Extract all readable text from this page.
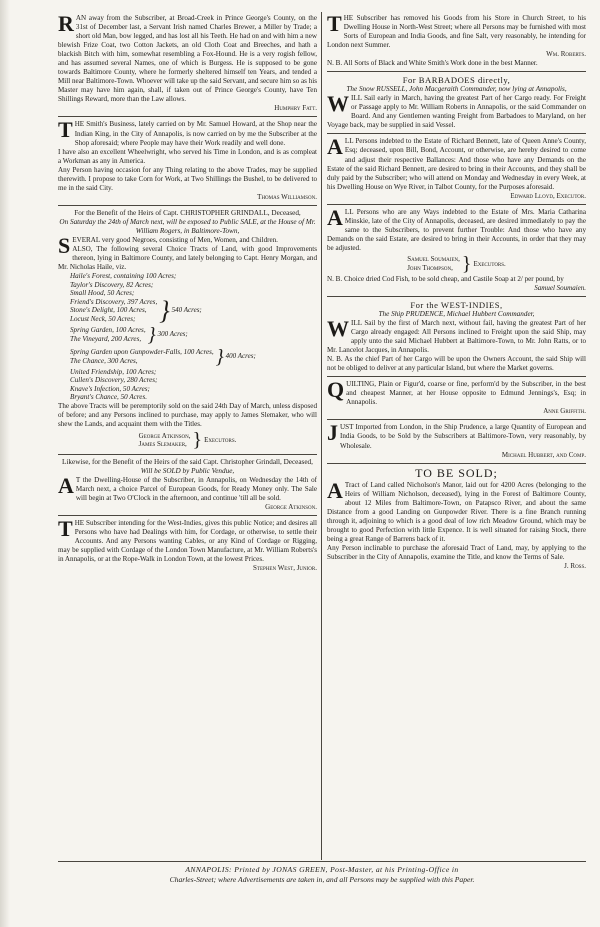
R AN away from the Subscriber, at Broad-Creek in Prince George's County, on the 31st of December last, a Servant Irish named Charles Brewer, a Miller by Trade; a short old Man, bow legged, and has lost all his Teeth. He had on and with him a new blewish Frize Coat, two Cotton Jackets, an old Cloth Coat and Breeches, and hath a blackish Bitch with him, somewhat resembling a Fox-Hound. He is a very rogish fellow, and has assumed several Names, one of which is Burgess. He is supposed to be gone towards Baltimore County, where he formerly sheltered himself ten Years, and tended a Mill near Baltimore-Town. Whoever will take up the said Servant, and secure him so as his Master may have him again, shall, if taken out of Prince George's County, have Ten Shillings Reward, more than the Law allows.

Humphry Fatt.

T HE Smith's Business, lately carried on by Mr. Samuel Howard, at the Shop near the Indian King, in the City of Annapolis, is now carried on by me the Subscriber at the Shop aforesaid; where People may have their Work readily and well done.

I have also an excellent Wheelwright, who served his Time in London, and is as compleat a Workman as any in America.

Any Person having occasion for any Thing relating to the above Trades, may be supplied therewith. I propose to take Corn for Work, at Two Shillings the Bushel, to be delivered to me in the said City.

Thomas Williamson.

For the Benefit of the Heirs of Capt. CHRISTOPHER GRINDALL, Deceased,

On Saturday the 24th of March next, will be exposed to Public SALE, at the House of Mr. William Rogers, in Baltimore-Town,

S EVERAL very good Negroes, consisting of Men, Women, and Children.

ALSO, The following several Choice Tracts of Land, with good Improvements thereon, lying in Baltimore County, and lately belonging to Capt. Henry Morgan, and Mr. Nicholas Haile, viz.

Haile's Forest, containing 100 Acres;
Taylor's Discovery, 82 Acres;
Small Hood, 50 Acres;
Friend's Discovery, 397 Acres,
Stone's Delight, 100 Acres,
Locust Neck, 50 Acres; } 540 Acres;
Spring Garden, 100 Acres,
The Vineyard, 200 Acres, } 300 Acres;
Spring Garden upon Gunpowder-Falls, 100 Acres,
The Chance, 300 Acres,	} 400 Acres;
United Friendship, 100 Acres;
Cullen's Discovery, 280 Acres;
Knave's Infection, 50 Acres;
Bryant's Chance, 50 Acres.

The above Tracts will be peremptorily sold on the said 24th Day of March, unless disposed of before; and any Persons inclined to purchase, may apply to James Slemaker, who will shew the Lands, and acquaint them with the Titles.

George Atkinson,
James Slemaker, } Executors.

Likewise, for the Benefit of the Heirs of the said Capt. Christopher Grindall, Deceased,

Will be SOLD by Public Vendue,

A T the Dwelling-House of the Subscriber, in Annapolis, on Wednesday the 14th of March next, a choice Parcel of European Goods, for Ready Money only. The Sale will begin at Two O'Clock in the afternoon, and continue 'till all be sold.

George Atkinson.

T HE Subscriber intending for the West-Indies, gives this public Notice; and desires all Persons who have had Dealings with him, for Cordage, or otherwise, to settle their Accounts. And any Persons wanting Cables, or any Kind of Cordage or Rigging, may be supplied with Cordage of the London Town Manufacture, at Mr. William Roberts's in Annapolis, or at the Rope-Walk in London Town, at the lowest Prices.

Stephen West, Junior.

T HE Subscriber has removed his Goods from his Store in Church Street, to his Dwelling House in North-West Street; where all Persons may be furnished with most Sorts of European and India Goods, and fine Salt, very reasonably, he intending for London next Summer.

Wm. Roberts.

N. B. All Sorts of Black and White Smith's Work done in the best Manner.

For BARBADOES directly,

The Snow RUSSELL, John Macgeraith Commander, now lying at Annapolis,

W ILL Sail early in March, having the greatest Part of her Cargo ready. For Freight or Passage apply to Mr. William Roberts in Annapolis, or the said Commander on Board. And any Gentlemen wanting Freight from Barbadoes to Maryland, on her Voyage back, may be supplied in said Vessel.
A LL Persons indebted to the Estate of Richard Bennett, late of Queen Anne's County, Esq; deceased, upon Bill, Bond, Account, or otherwise, are hereby desired to come and adjust their respective Ballances: And those who have any Demands on the Estate of the said Richard Bennett, are desired to bring in their Accounts, and they shall be duly paid by the Subscriber; who will attend on Monday and Wednesday in every Week, at his Dwelling House on Wye River, in Talbot County, for the Purposes aforesaid.

Edward Lloyd, Executor.

A LL Persons who are any Ways indebted to the Estate of Mrs. Maria Catharina Minskie, late of the City of Annapolis, deceased, are desired immediately to pay the same to the Subscribers, to prevent further Trouble: And those who have any Demands on the said Estate, are desired to bring in their Accounts, in order that they may be adjusted.
Samuel Soumaien,
John Thompson, } Executors.

N. B. Choice dried Cod Fish, to be sold cheap, and Castile Soap at 2/ per pound, by

Samuel Soumaien.

For the WEST-INDIES,

The Ship PRUDENCE, Michael Hubbert Commander,

W ILL Sail by the first of March next, without fail, having the greatest Part of her Cargo already engaged: All Persons inclined to Freight upon the said Ship, may apply unto the said Michael Hubbert at Baltimore-Town, to Mr. John Ratts, or to Mr. Lancelot Jacques, in Annapolis.

N. B. As the chief Part of her Cargo will be upon the Owners Account, the said Ship will not be obliged to deliver at any particular Island, but where the Market governs.

Q UILTING, Plain or Figur'd, coarse or fine, perform'd by the Subscriber, in the best and cheapest Manner, at her House opposite to Edmund Jennings's, Esq; in Annapolis.

Anne Griffith.

J UST Imported from London, in the Ship Prudence, a large Quantity of European and India Goods, to be Sold by the Subscribers at Baltimore-Town, very reasonably, by Wholesale.

Michael Hubbert, and Comp.

TO BE SOLD;

A Tract of Land called Nicholson's Manor, laid out for 4200 Acres (belonging to the Heirs of William Nicholson, deceased), lying in the Forest of Baltimore County, about 12 Miles from Baltimore-Town, on Patapsco River, and about the same Distance from a good Landing on Gunpowder River. There is a fine Branch running through it, adjoining to which is a good deal of low rich Meadow Ground, which may be brought to good Perfection with little Expence. It is well situated for raising Stock, there being a great Range of Barrens back of it.

Any Person inclinable to purchase the aforesaid Tract of Land, may, by applying to the Subscriber in the City of Annapolis, examine the Title, and know the Terms of Sale.

J. Ross.

ANNAPOLIS: Printed by JONAS GREEN, Post-Master, at his Printing-Office in
Charles-Street; where Advertisements are taken in, and all Persons may be supplied with this Paper.
